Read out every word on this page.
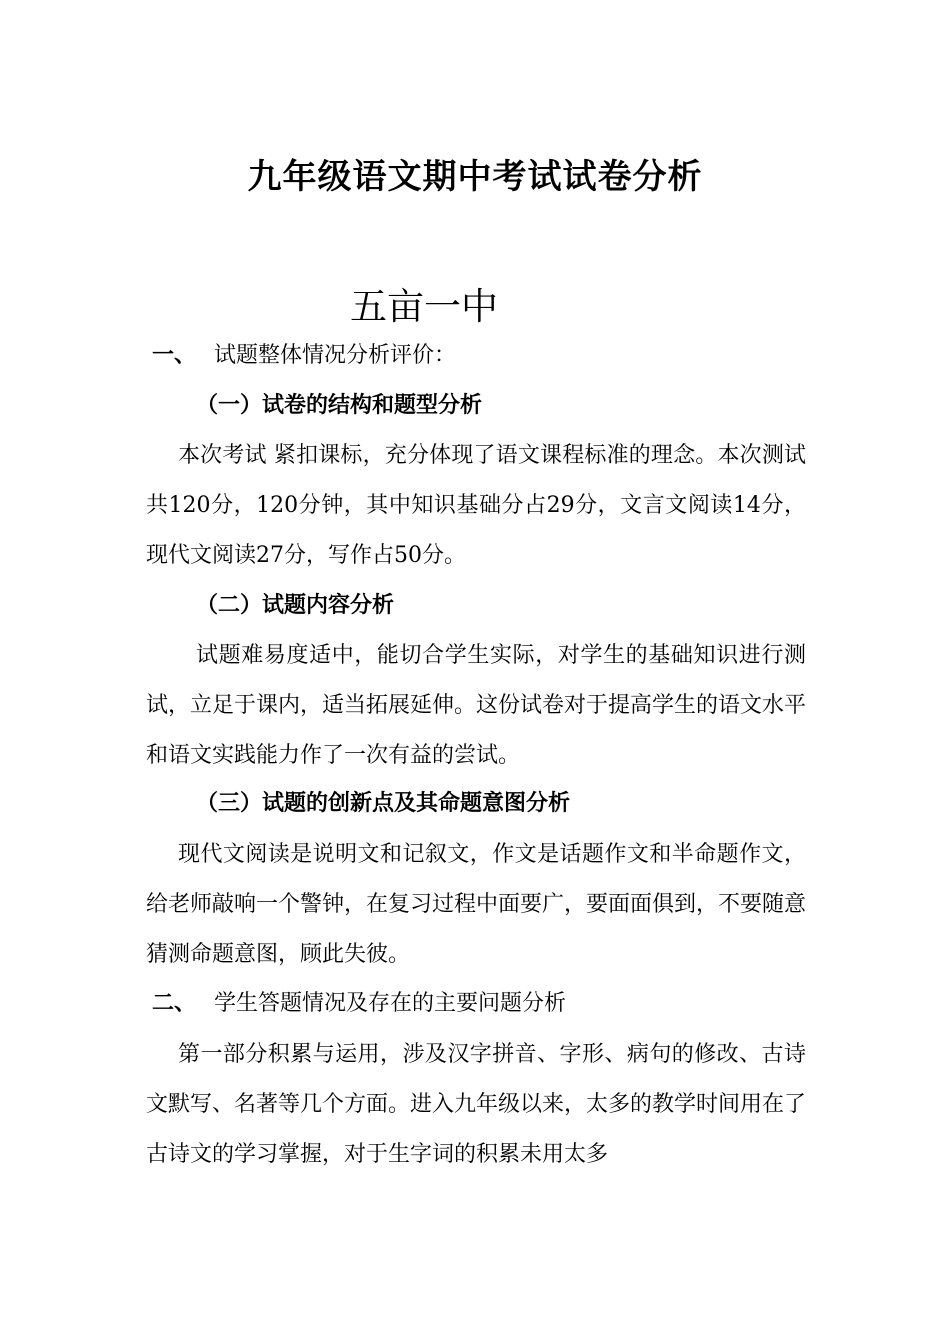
九年级语文期中考试试卷分析
五亩一中
一、 试题整体情况分析评价：
（一）试卷的结构和题型分析
本次考试 紧扣课标，充分体现了语文课程标准的理念。本次测试共120分，120分钟，其中知识基础分占29分，文言文阅读14分，现代文阅读27分，写作占50分。
（二）试题内容分析
试题难易度适中，能切合学生实际，对学生的基础知识进行测试，立足于课内，适当拓展延伸。这份试卷对于提高学生的语文水平和语文实践能力作了一次有益的尝试。
（三）试题的创新点及其命题意图分析
现代文阅读是说明文和记叙文，作文是话题作文和半命题作文，给老师敲响一个警钟，在复习过程中面要广，要面面俱到，不要随意猜测命题意图，顾此失彼。
二、 学生答题情况及存在的主要问题分析
第一部分积累与运用，涉及汉字拼音、字形、病句的修改、古诗文默写、名著等几个方面。进入九年级以来，太多的教学时间用在了古诗文的学习掌握，对于生字词的积累未用太多
